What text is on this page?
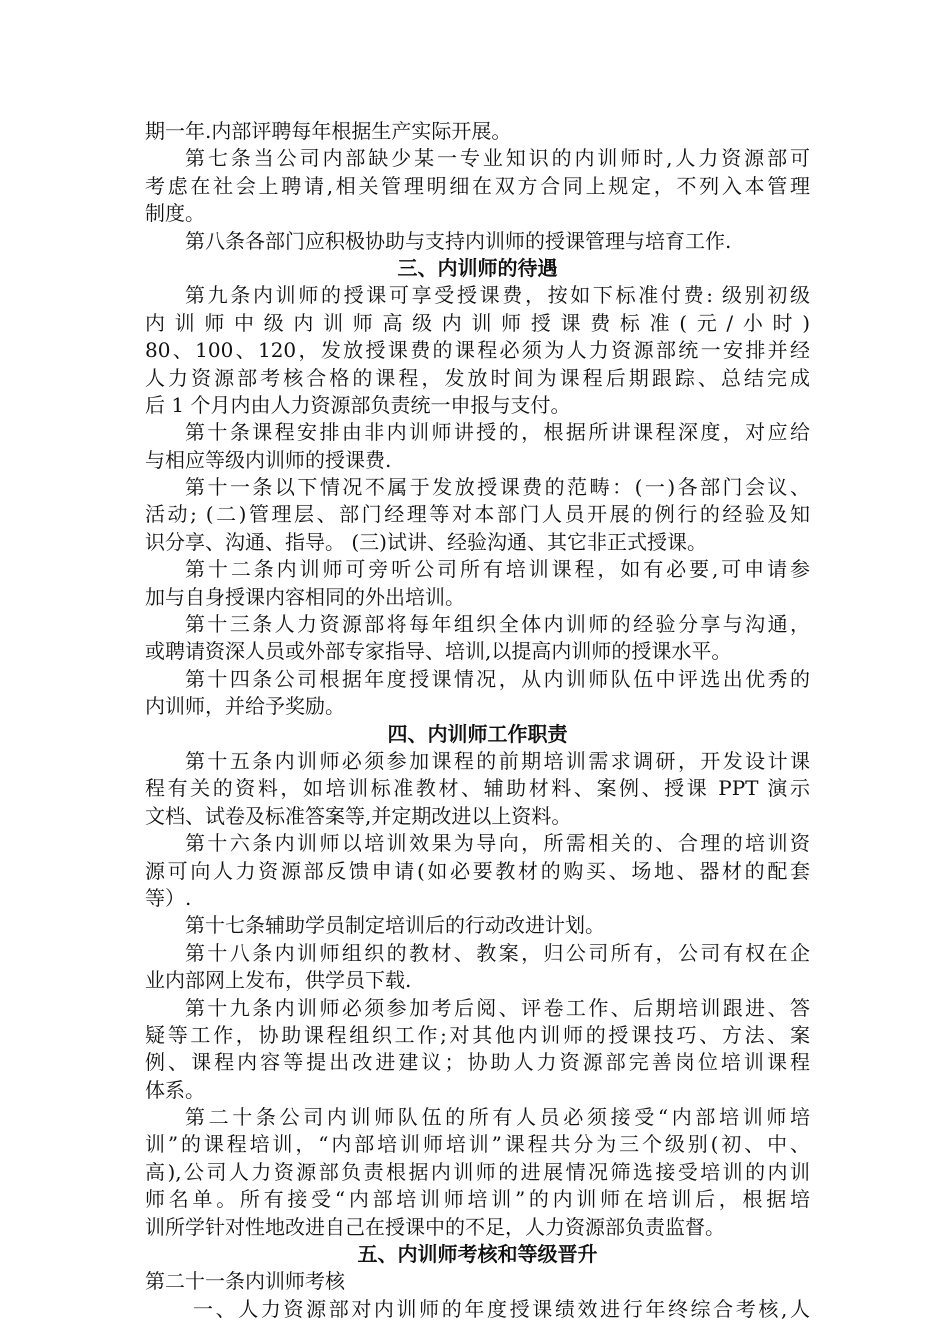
期一年.内部评聘每年根据生产实际开展。
第七条当公司内部缺少某一专业知识的内训师时,人力资源部可
考虑在社会上聘请,相关管理明细在双方合同上规定，不列入本管理
制度。
第八条各部门应积极协助与支持内训师的授课管理与培育工作.
三、内训师的待遇
第九条内训师的授课可享受授课费，按如下标准付费: 级别初级
内训师中级内训师高级内训师授课费标准(元/小时)
80、100、120，发放授课费的课程必须为人力资源部统一安排并经
人力资源部考核合格的课程，发放时间为课程后期跟踪、总结完成
后 1 个月内由人力资源部负责统一申报与支付。
第十条课程安排由非内训师讲授的，根据所讲课程深度，对应给
与相应等级内训师的授课费.
第十一条以下情况不属于发放授课费的范畴：(一)各部门会议、
活动; (二)管理层、部门经理等对本部门人员开展的例行的经验及知
识分享、沟通、指导。 (三)试讲、经验沟通、其它非正式授课。
第十二条内训师可旁听公司所有培训课程，如有必要,可申请参
加与自身授课内容相同的外出培训。
第十三条人力资源部将每年组织全体内训师的经验分享与沟通，
或聘请资深人员或外部专家指导、培训,以提高内训师的授课水平。
第十四条公司根据年度授课情况，从内训师队伍中评选出优秀的
内训师，并给予奖励。
四、内训师工作职责
第十五条内训师必须参加课程的前期培训需求调研，开发设计课
程有关的资料，如培训标准教材、辅助材料、案例、授课 PPT 演示
文档、试卷及标准答案等,并定期改进以上资料。
第十六条内训师以培训效果为导向，所需相关的、合理的培训资
源可向人力资源部反馈申请(如必要教材的购买、场地、器材的配套
等）.
第十七条辅助学员制定培训后的行动改进计划。
第十八条内训师组织的教材、教案，归公司所有，公司有权在企
业内部网上发布，供学员下载.
第十九条内训师必须参加考后阅、评卷工作、后期培训跟进、答
疑等工作，协助课程组织工作;对其他内训师的授课技巧、方法、案
例、课程内容等提出改进建议；协助人力资源部完善岗位培训课程
体系。
第二十条公司内训师队伍的所有人员必须接受“内部培训师培
训”的课程培训，“内部培训师培训”课程共分为三个级别(初、中、
高),公司人力资源部负责根据内训师的进展情况筛选接受培训的内训
师名单。所有接受“内部培训师培训”的内训师在培训后，根据培
训所学针对性地改进自己在授课中的不足，人力资源部负责监督。
五、内训师考核和等级晋升
第二十一条内训师考核
一、人力资源部对内训师的年度授课绩效进行年终综合考核,人
